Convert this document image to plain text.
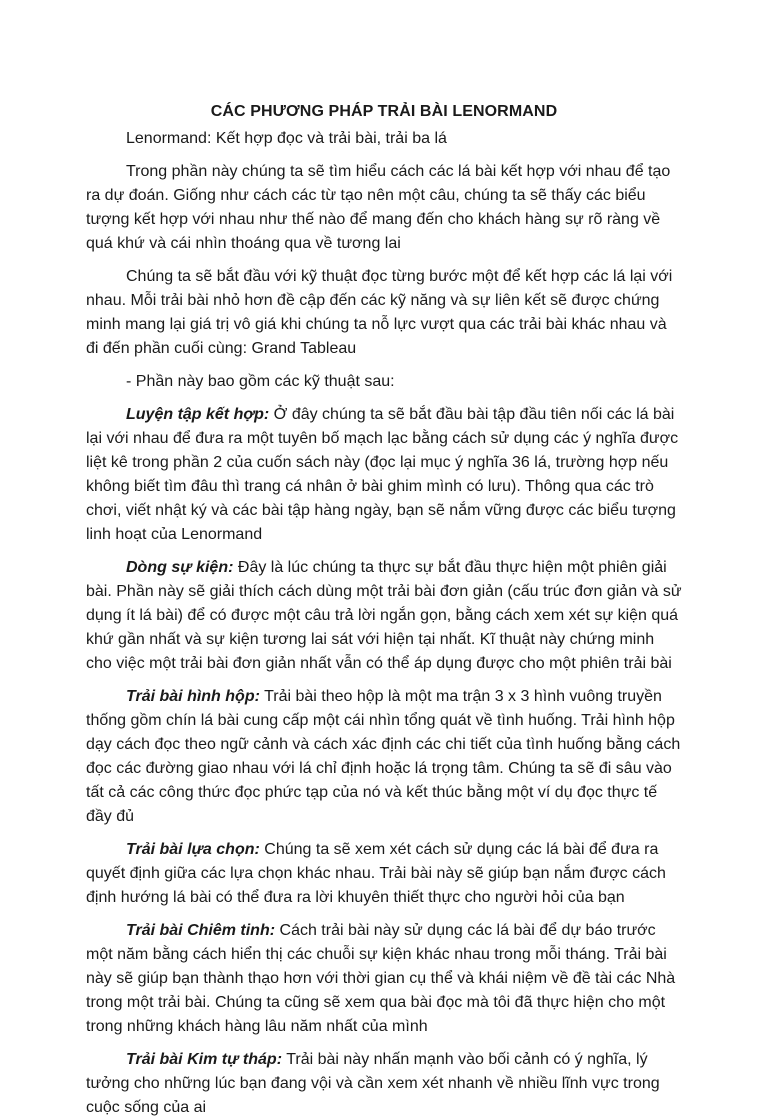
CÁC PHƯƠNG PHÁP TRẢI BÀI LENORMAND
Lenormand: Kết hợp đọc và trải bài, trải ba lá

Trong phần này chúng ta sẽ tìm hiểu cách các lá bài kết hợp với nhau để tạo ra dự đoán. Giống như cách các từ tạo nên một câu, chúng ta sẽ thấy các biểu tượng kết hợp với nhau như thế nào để mang đến cho khách hàng sự rõ ràng về quá khứ và cái nhìn thoáng qua về tương lai

Chúng ta sẽ bắt đầu với kỹ thuật đọc từng bước một để kết hợp các lá lại với nhau. Mỗi trải bài nhỏ hơn đề cập đến các kỹ năng và sự liên kết sẽ được chứng minh mang lại giá trị vô giá khi chúng ta nỗ lực vượt qua các trải bài khác nhau và đi đến phần cuối cùng: Grand Tableau

- Phần này bao gồm các kỹ thuật sau:

Luyện tập kết hợp: Ở đây chúng ta sẽ bắt đầu bài tập đầu tiên nối các lá bài lại với nhau để đưa ra một tuyên bố mạch lạc bằng cách sử dụng các ý nghĩa được liệt kê trong phần 2 của cuốn sách này (đọc lại mục ý nghĩa 36 lá, trường hợp nếu không biết tìm đâu thì trang cá nhân ở bài ghim mình có lưu). Thông qua các trò chơi, viết nhật ký và các bài tập hàng ngày, bạn sẽ nắm vững được các biểu tượng linh hoạt của Lenormand

Dòng sự kiện: Đây là lúc chúng ta thực sự bắt đầu thực hiện một phiên giải bài. Phần này sẽ giải thích cách dùng một trải bài đơn giản (cấu trúc đơn giản và sử dụng ít lá bài) để có được một câu trả lời ngắn gọn, bằng cách xem xét sự kiện quá khứ gần nhất và sự kiện tương lai sát với hiện tại nhất. Kĩ thuật này chứng minh cho việc một trải bài đơn giản nhất vẫn có thể áp dụng được cho một phiên trải bài

Trải bài hình hộp: Trải bài theo hộp là một ma trận 3 x 3 hình vuông truyền thống gồm chín lá bài cung cấp một cái nhìn tổng quát về tình huống. Trải hình hộp dạy cách đọc theo ngữ cảnh và cách xác định các chi tiết của tình huống bằng cách đọc các đường giao nhau với lá chỉ định hoặc lá trọng tâm. Chúng ta sẽ đi sâu vào tất cả các công thức đọc phức tạp của nó và kết thúc bằng một ví dụ đọc thực tế đầy đủ

Trải bài lựa chọn: Chúng ta sẽ xem xét cách sử dụng các lá bài để đưa ra quyết định giữa các lựa chọn khác nhau. Trải bài này sẽ giúp bạn nắm được cách định hướng lá bài có thể đưa ra lời khuyên thiết thực cho người hỏi của bạn

Trải bài Chiêm tinh: Cách trải bài này sử dụng các lá bài để dự báo trước một năm bằng cách hiển thị các chuỗi sự kiện khác nhau trong mỗi tháng. Trải bài này sẽ giúp bạn thành thạo hơn với thời gian cụ thể và khái niệm về đề tài các Nhà trong một trải bài. Chúng ta cũng sẽ xem qua bài đọc mà tôi đã thực hiện cho một trong những khách hàng lâu năm nhất của mình

Trải bài Kim tự tháp: Trải bài này nhấn mạnh vào bối cảnh có ý nghĩa, lý tưởng cho những lúc bạn đang vội và cần xem xét nhanh về nhiều lĩnh vực trong cuộc sống của ai
